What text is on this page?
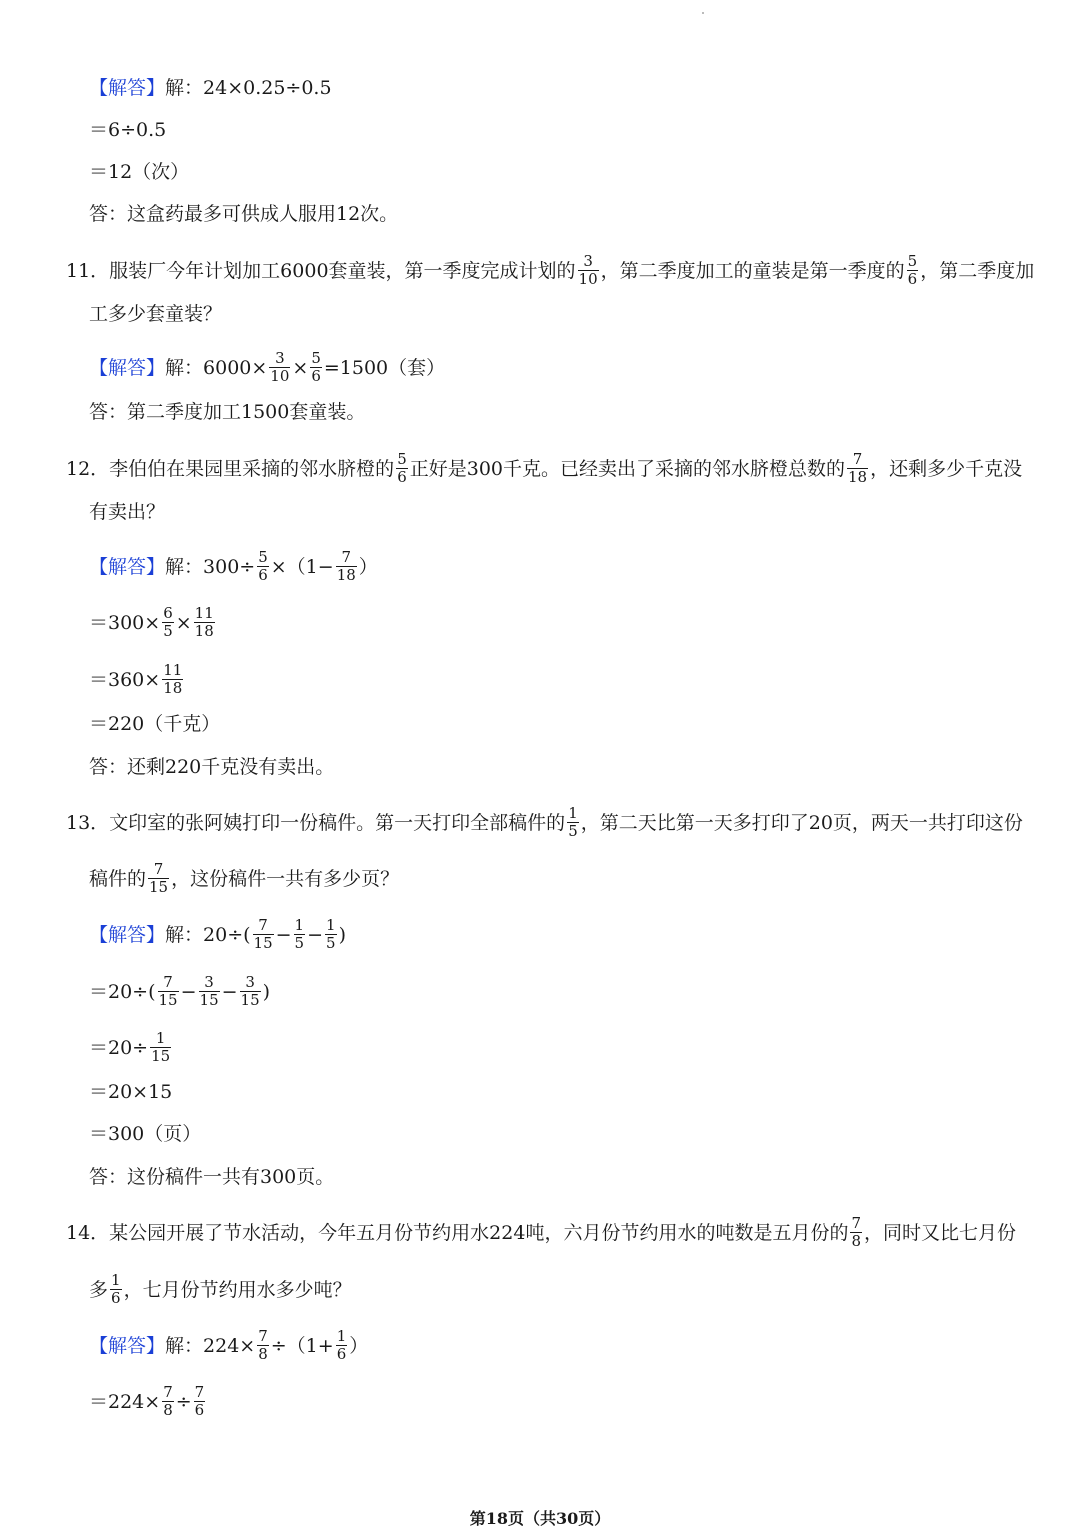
【解答】 解：24×0.25÷0.5
＝6÷0.5
＝12（次）
答：这盒药最多可供成人服用12次。
11．服装厂今年计划加工6000套童装，第一季度完成计划的 $\frac{3}{10}$ ，第二季度加工的童装是第一季度的 $\frac{5}{6}$ ，第二季度加
工多少套童装？
【解答】 解：$6000\times \frac{3}{10} \times \frac{5}{6} =1500$（套）
答：第二季度加工1500套童装。
12．李伯伯在果园里采摘的邻水脐橙的 $\frac{5}{6}$ 正好是300千克。已经卖出了采摘的邻水脐橙总数的 $\frac{7}{18}$ ，还剩多少千克没
有卖出？
【解答】 解：$300\div \frac{5}{6} \times(1- \frac{7}{18}$ ）
$=300\times \frac{6}{5} \times \frac{11}{18}$
$=360\times \frac{11}{18}$
＝220（千克）
答：还剩220千克没有卖出。
13．文印室的张阿姨打印一份稿件。第一天打印全部稿件的 $\frac{1}{5}$ ，第二天比第一天多打印了20页，两天一共打印这份
稿件的 $\frac{7}{15}$ ，这份稿件一共有多少页？
【解答】 解：$20\div( \frac{7}{15} - \frac{1}{5} - \frac{1}{5}$ )
$=20\div( \frac{7}{15} - \frac{3}{15} - \frac{3}{15}$ )
$=20\div \frac{1}{15}$
＝20×15
＝300（页）
答：这份稿件一共有300页。
14．某公园开展了节水活动，今年五月份节约用水224吨，六月份节约用水的吨数是五月份的 $\frac{7}{8}$ ，同时又比七月份
多 $\frac{1}{6}$ ，七月份节约用水多少吨？
【解答】 解：$224\times \frac{7}{8} \div(1+ \frac{1}{6}$ ）
$=224\times \frac{7}{8} \div \frac{7}{6}$
第18页（共30页）
